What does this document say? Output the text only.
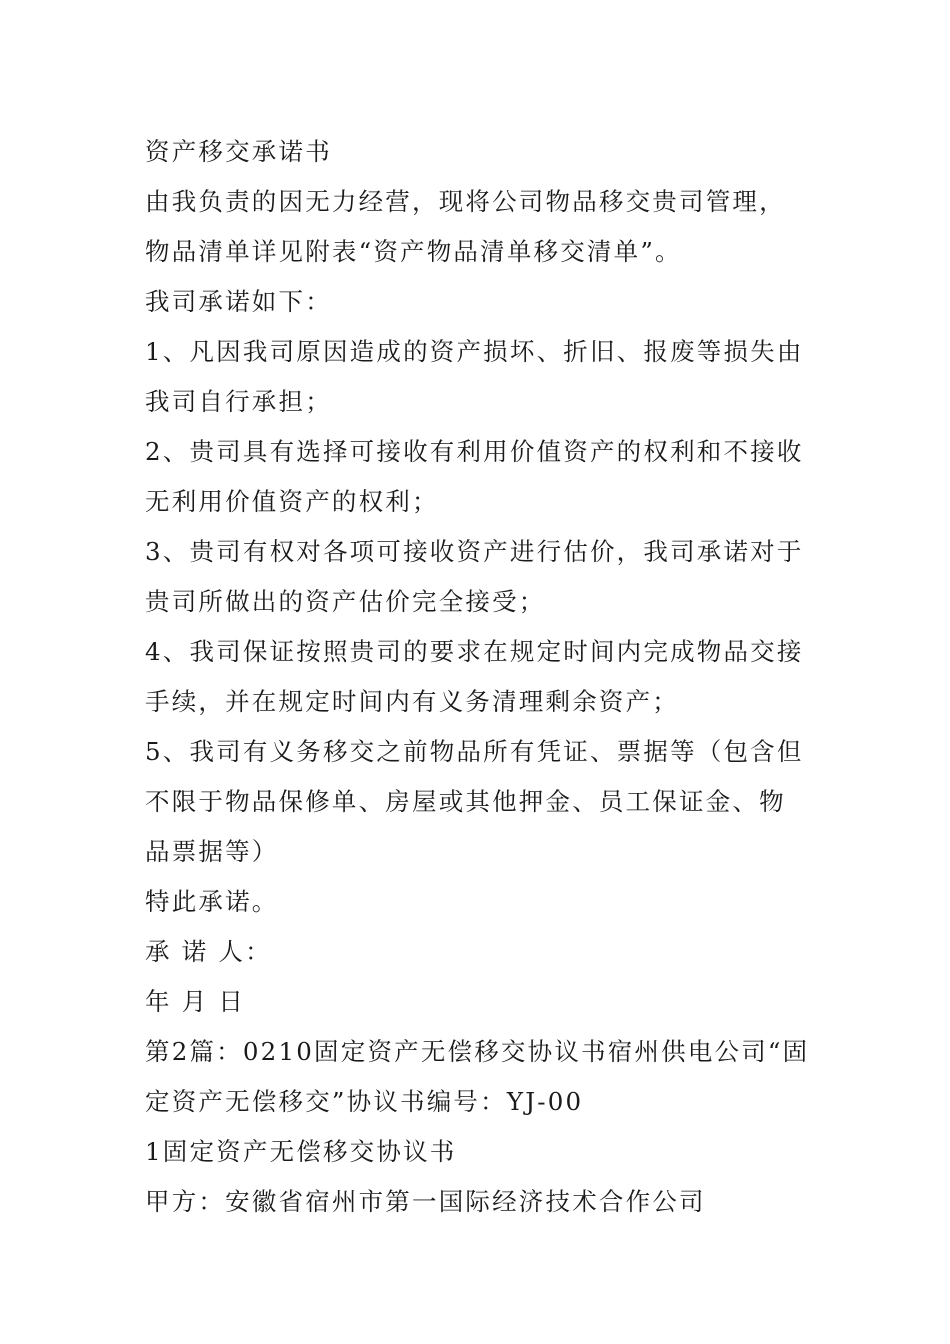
资产移交承诺书

由我负责的因无力经营，现将公司物品移交贵司管理，物品清单详见附表“资产物品清单移交清单”。

我司承诺如下：

1、凡因我司原因造成的资产损坏、折旧、报废等损失由我司自行承担；

2、贵司具有选择可接收有利用价值资产的权利和不接收无利用价值资产的权利；

3、贵司有权对各项可接收资产进行估价，我司承诺对于贵司所做出的资产估价完全接受；

4、我司保证按照贵司的要求在规定时间内完成物品交接手续，并在规定时间内有义务清理剩余资产；

5、我司有义务移交之前物品所有凭证、票据等（包含但不限于物品保修单、房屋或其他押金、员工保证金、物品票据等）

特此承诺。

承 诺 人：

年 月 日

第2篇：0210固定资产无偿移交协议书宿州供电公司“固定资产无偿移交”协议书编号：YJ-00

1固定资产无偿移交协议书

甲方：安徽省宿州市第一国际经济技术合作公司
